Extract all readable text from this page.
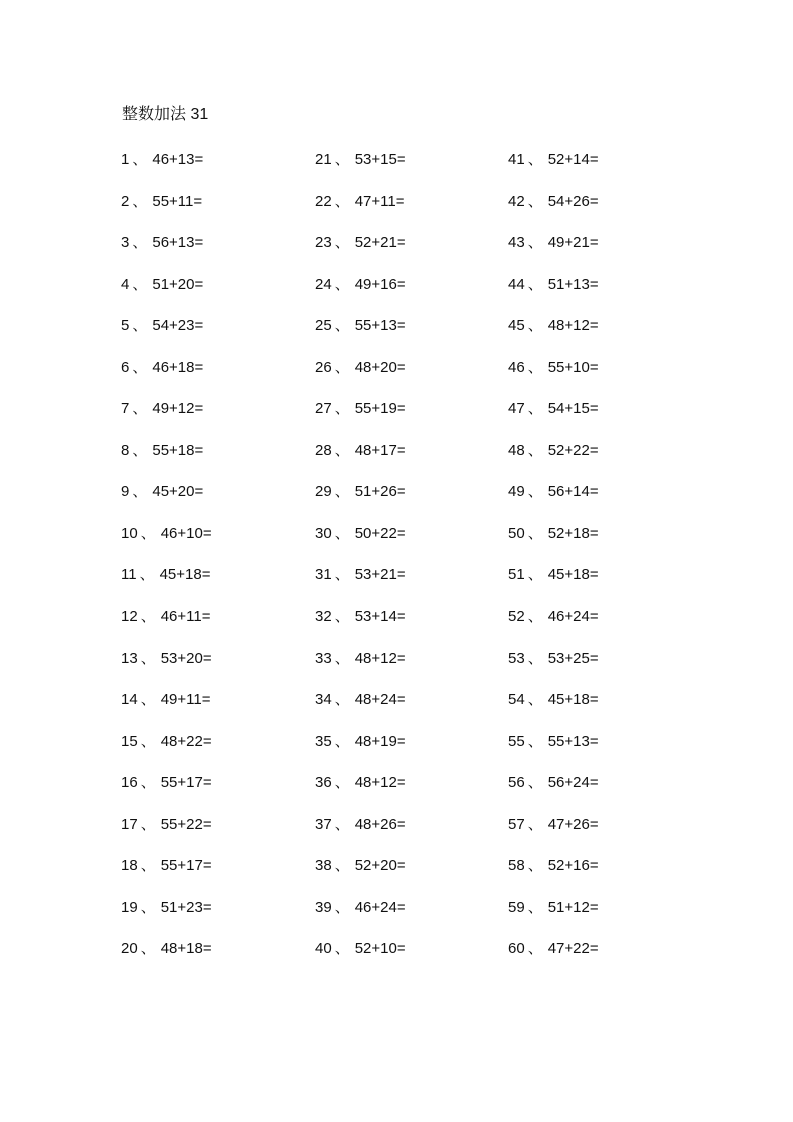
整数加法 31
1 、 46+13=
2 、 55+11=
3 、 56+13=
4 、 51+20=
5 、 54+23=
6 、 46+18=
7 、 49+12=
8 、 55+18=
9 、 45+20=
10 、 46+10=
11 、 45+18=
12 、 46+11=
13 、 53+20=
14 、 49+11=
15 、 48+22=
16 、 55+17=
17 、 55+22=
18 、 55+17=
19 、 51+23=
20 、 48+18=
21 、 53+15=
22 、 47+11=
23 、 52+21=
24 、 49+16=
25 、 55+13=
26 、 48+20=
27 、 55+19=
28 、 48+17=
29 、 51+26=
30 、 50+22=
31 、 53+21=
32 、 53+14=
33 、 48+12=
34 、 48+24=
35 、 48+19=
36 、 48+12=
37 、 48+26=
38 、 52+20=
39 、 46+24=
40 、 52+10=
41 、 52+14=
42 、 54+26=
43 、 49+21=
44 、 51+13=
45 、 48+12=
46 、 55+10=
47 、 54+15=
48 、 52+22=
49 、 56+14=
50 、 52+18=
51 、 45+18=
52 、 46+24=
53 、 53+25=
54 、 45+18=
55 、 55+13=
56 、 56+24=
57 、 47+26=
58 、 52+16=
59 、 51+12=
60 、 47+22=
